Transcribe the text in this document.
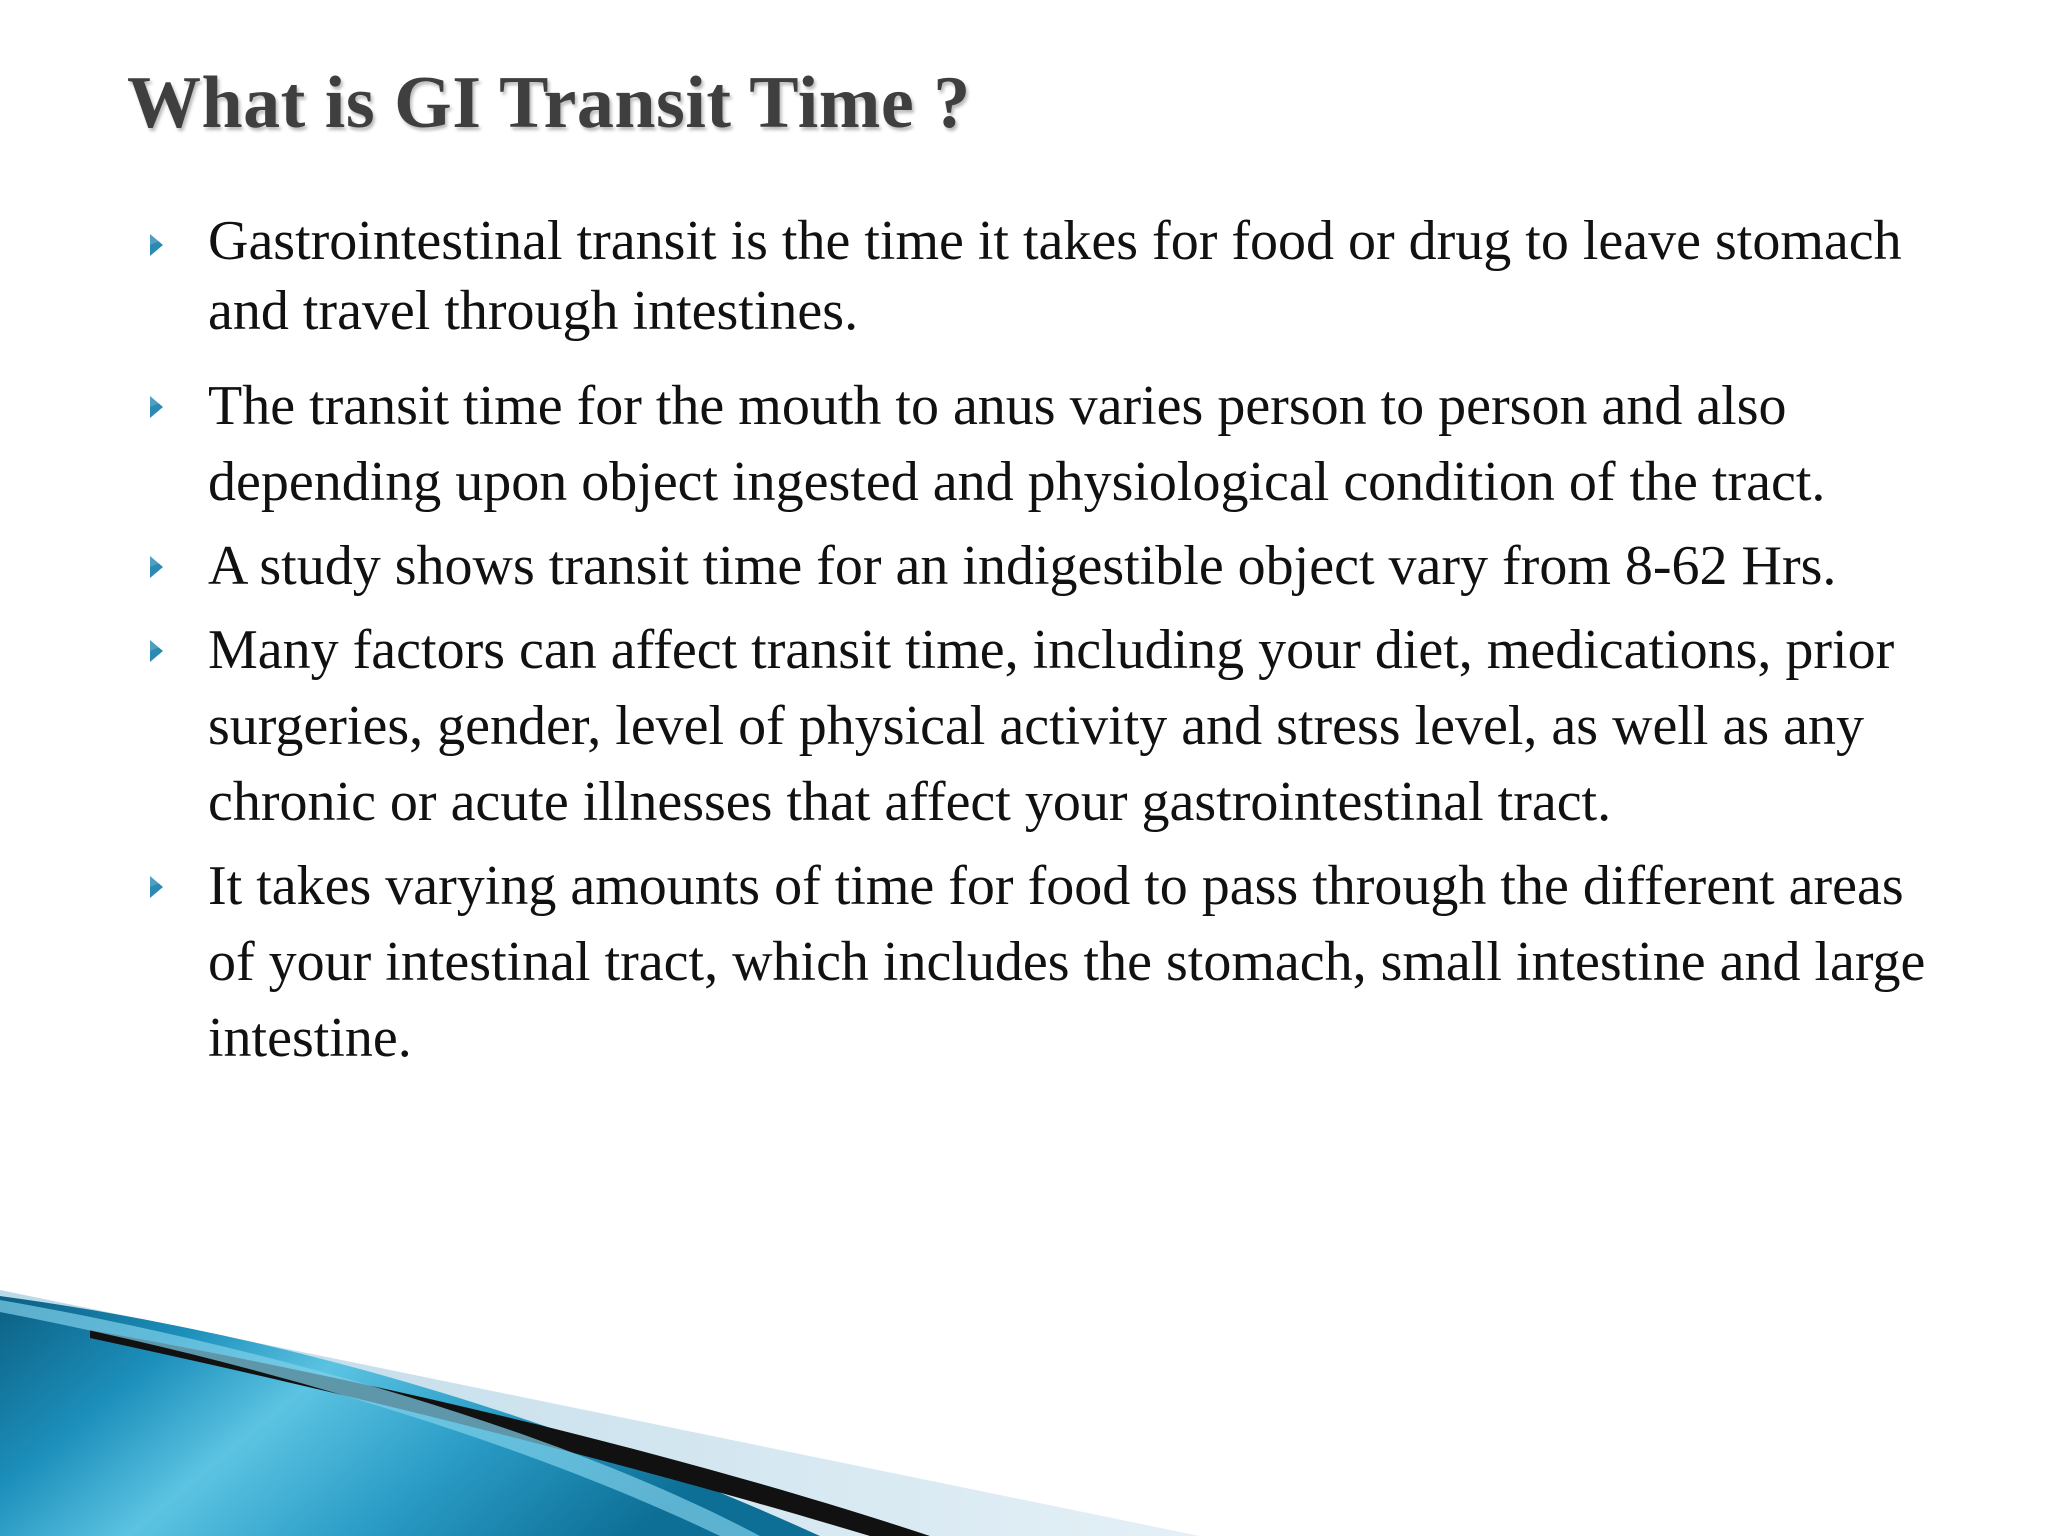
What is GI Transit Time ?
Gastrointestinal transit is the time it takes for food or drug to leave stomach and travel through intestines.
The transit time for the mouth to anus varies person to person and also depending upon object ingested and physiological condition of the tract.
A study shows transit time for an indigestible object vary from 8-62 Hrs.
Many factors can affect transit time, including your diet, medications, prior surgeries, gender, level of physical activity and stress level, as well as any chronic or acute illnesses that affect your gastrointestinal tract.
It takes varying amounts of time for food to pass through the different areas of your intestinal tract, which includes the stomach, small intestine and large intestine.
